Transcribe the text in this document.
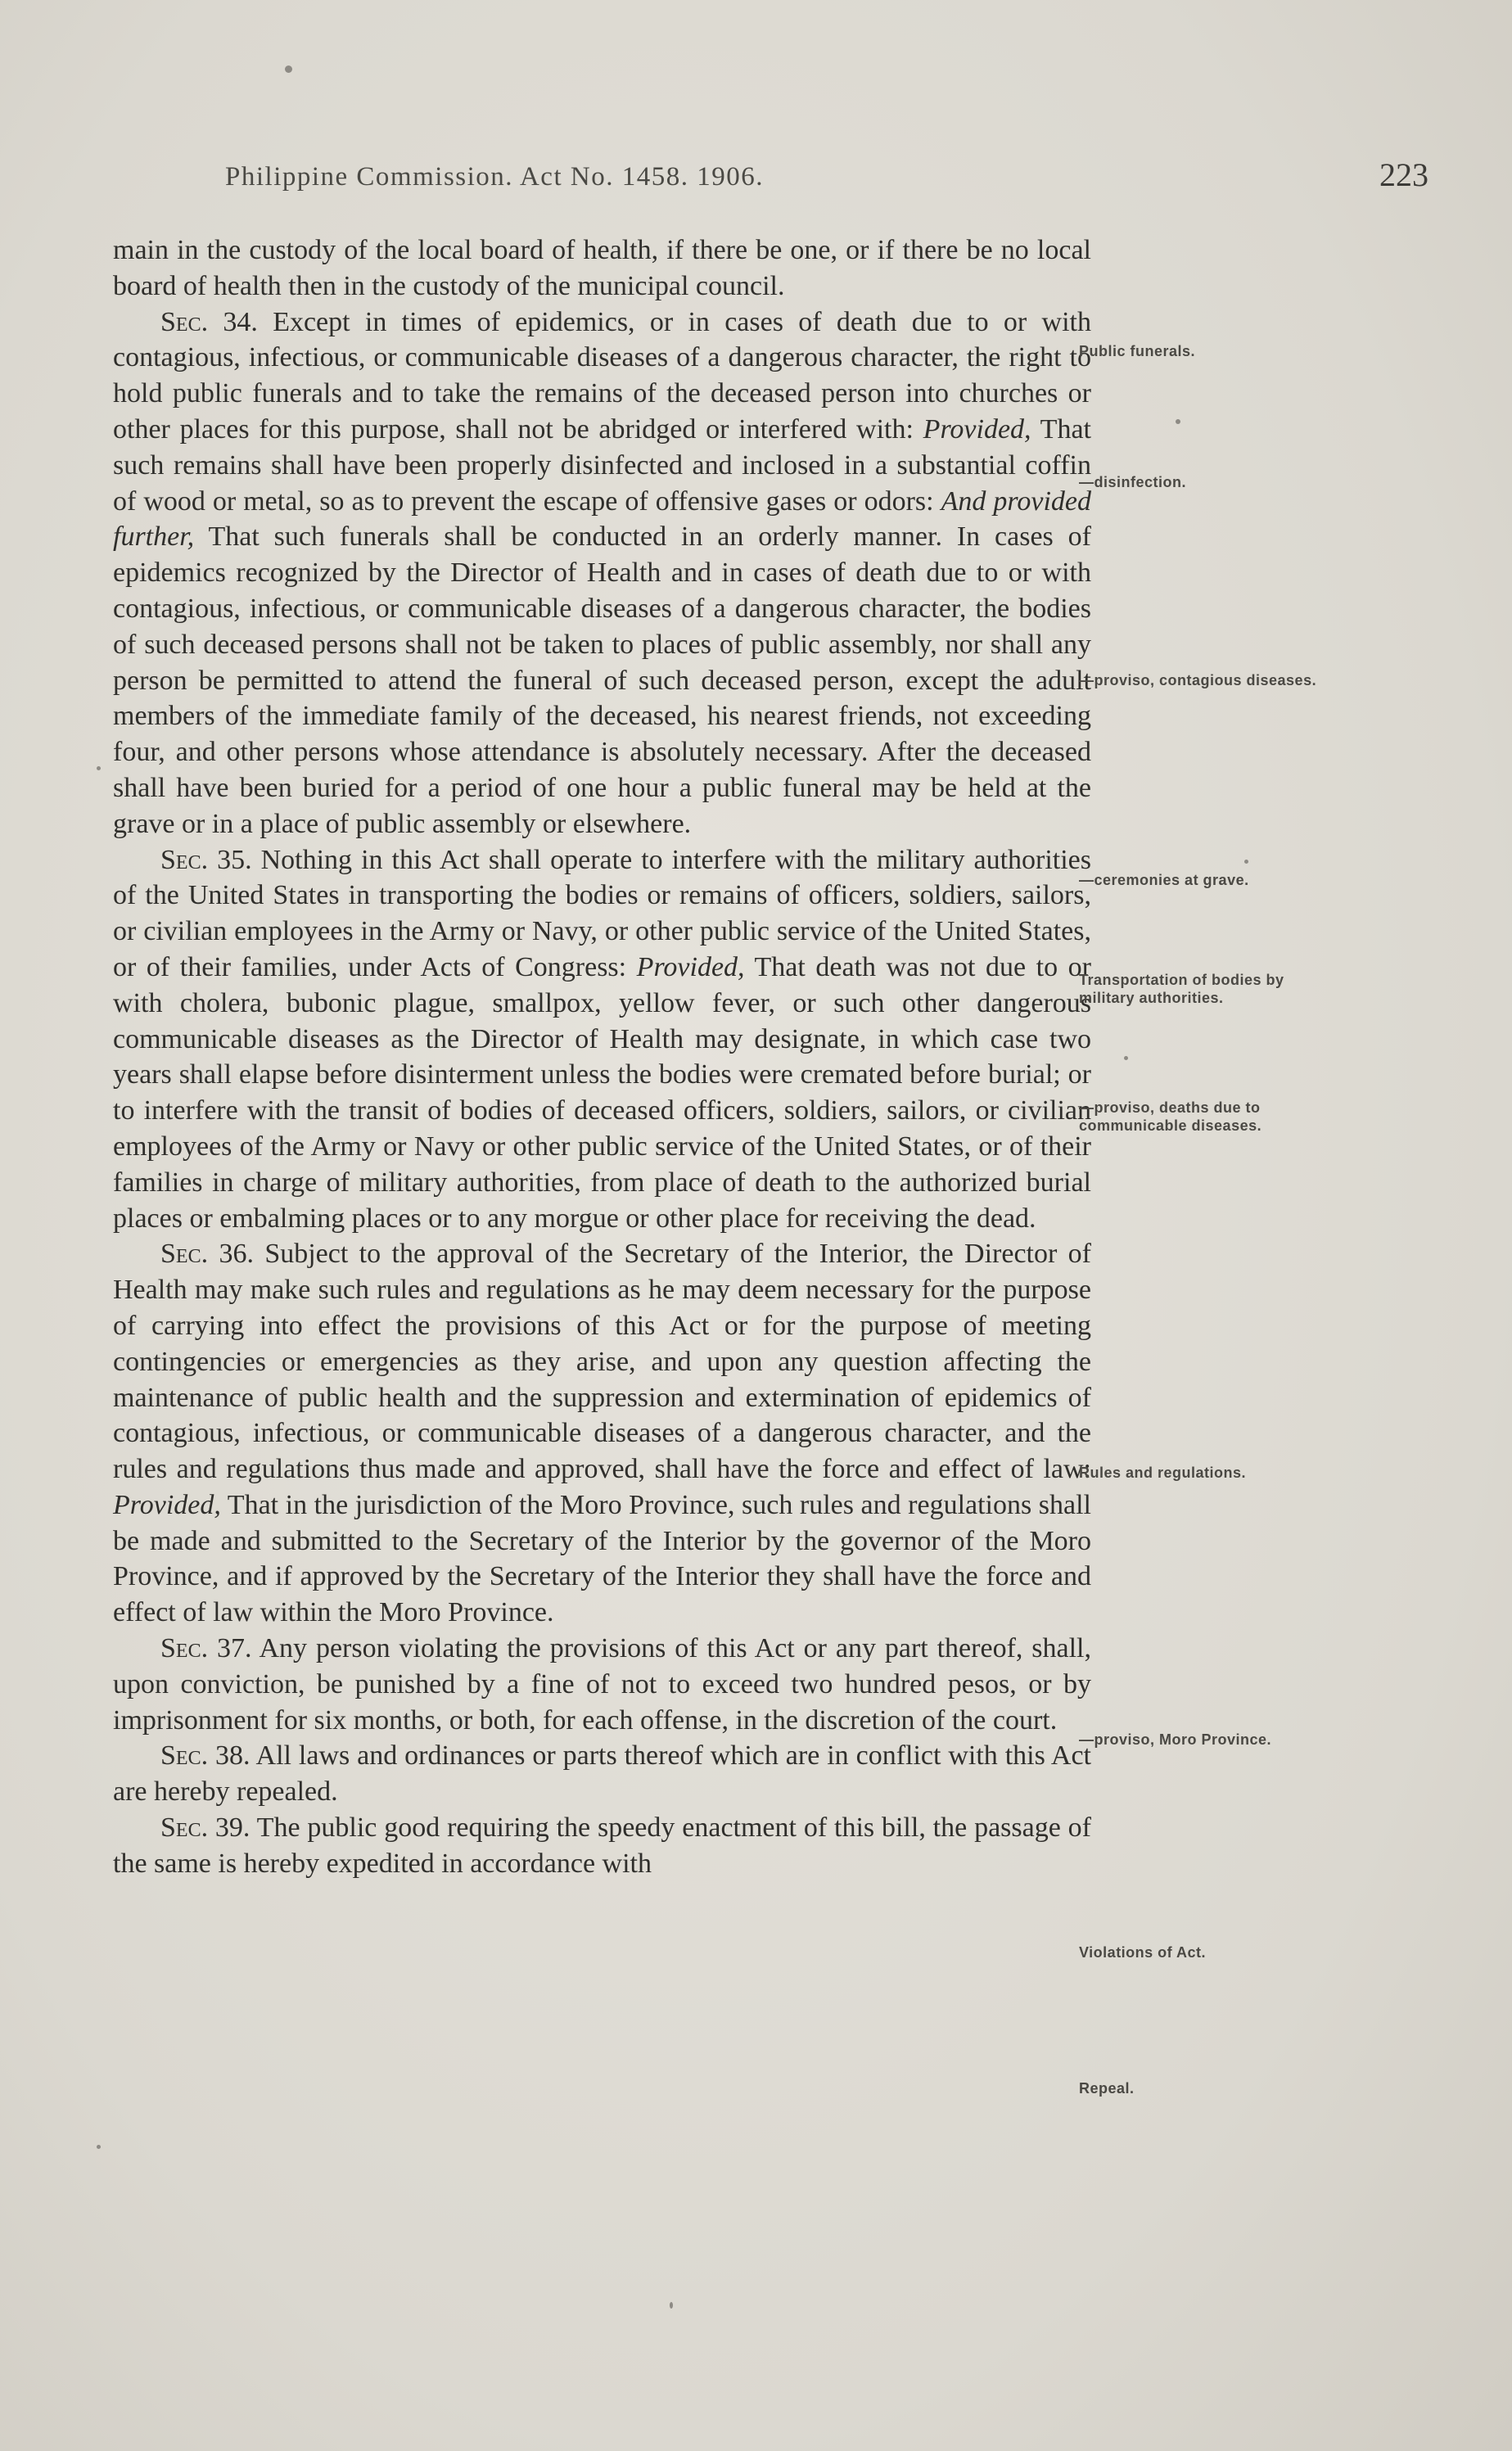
Philippine Commission. Act No. 1458. 1906.	223

main in the custody of the local board of health, if there be one, or if there be no local board of health then in the custody of the municipal council.

Sec. 34. Except in times of epidemics, or in cases of death due to or with contagious, infectious, or communicable diseases of a dangerous character, the right to hold public funerals and to take the remains of the deceased person into churches or other places for this purpose, shall not be abridged or interfered with: Provided, That such remains shall have been properly disinfected and inclosed in a substantial coffin of wood or metal, so as to prevent the escape of offensive gases or odors: And provided further, That such funerals shall be conducted in an orderly manner. In cases of epidemics recognized by the Director of Health and in cases of death due to or with contagious, infectious, or communicable diseases of a dangerous character, the bodies of such deceased persons shall not be taken to places of public assembly, nor shall any person be permitted to attend the funeral of such deceased person, except the adult members of the immediate family of the deceased, his nearest friends, not exceeding four, and other persons whose attendance is absolutely necessary. After the deceased shall have been buried for a period of one hour a public funeral may be held at the grave or in a place of public assembly or elsewhere.

Sec. 35. Nothing in this Act shall operate to interfere with the military authorities of the United States in transporting the bodies or remains of officers, soldiers, sailors, or civilian employees in the Army or Navy, or other public service of the United States, or of their families, under Acts of Congress: Provided, That death was not due to or with cholera, bubonic plague, smallpox, yellow fever, or such other dangerous communicable diseases as the Director of Health may designate, in which case two years shall elapse before disinterment unless the bodies were cremated before burial; or to interfere with the transit of bodies of deceased officers, soldiers, sailors, or civilian employees of the Army or Navy or other public service of the United States, or of their families in charge of military authorities, from place of death to the authorized burial places or embalming places or to any morgue or other place for receiving the dead.

Sec. 36. Subject to the approval of the Secretary of the Interior, the Director of Health may make such rules and regulations as he may deem necessary for the purpose of carrying into effect the provisions of this Act or for the purpose of meeting contingencies or emergencies as they arise, and upon any question affecting the maintenance of public health and the suppression and extermination of epidemics of contagious, infectious, or communicable diseases of a dangerous character, and the rules and regulations thus made and approved, shall have the force and effect of law: Provided, That in the jurisdiction of the Moro Province, such rules and regulations shall be made and submitted to the Secretary of the Interior by the governor of the Moro Province, and if approved by the Secretary of the Interior they shall have the force and effect of law within the Moro Province.

Sec. 37. Any person violating the provisions of this Act or any part thereof, shall, upon conviction, be punished by a fine of not to exceed two hundred pesos, or by imprisonment for six months, or both, for each offense, in the discretion of the court.

Sec. 38. All laws and ordinances or parts thereof which are in conflict with this Act are hereby repealed.

Sec. 39. The public good requiring the speedy enactment of this bill, the passage of the same is hereby expedited in accordance with

Public funerals.
—disinfection.
—proviso, contagious diseases.
—ceremonies at grave.
Transportation of bodies by military authorities.
—proviso, deaths due to communicable diseases.
Rules and regulations.
—proviso, Moro Province.
Violations of Act.
Repeal.
